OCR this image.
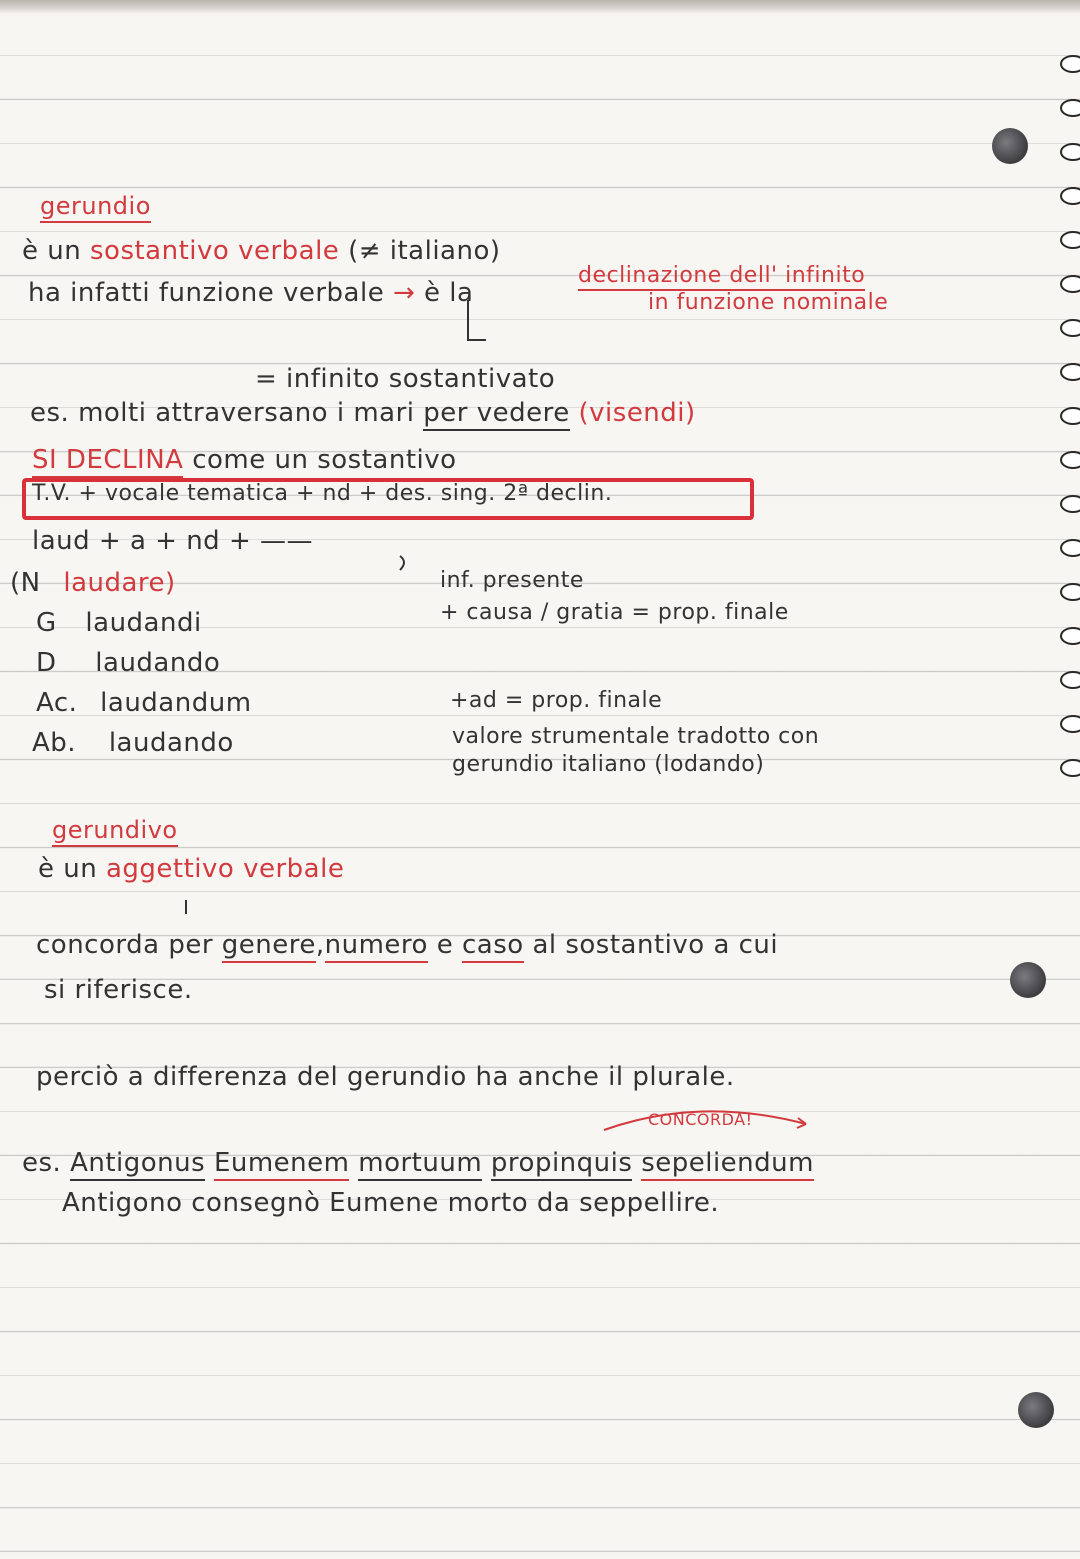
gerundio
è un sostantivo verbale (≠ italiano)
ha infatti funzione verbale → è la
declinazione dell' infinito
in funzione nominale
= infinito sostantivato
es. molti attraversano i mari per vedere (visendi)
SI DECLINA come un sostantivo
T.V. + vocale tematica + nd + des. sing. 2ª declin.
laud + a + nd + ——
(N laudare)
G laudandi
D laudando
Ac. laudandum
Ab. laudando
inf. presente
+ causa / gratia = prop. finale
+ad = prop. finale
valore strumentale tradotto con
gerundio italiano (lodando)
gerundivo
è un aggettivo verbale
concorda per genere,numero e caso al sostantivo a cui
si riferisce.
perciò a differenza del gerundio ha anche il plurale.
CONCORDA!
es. Antigonus Eumenem mortuum propinquis sepeliendum
Antigono consegnò Eumene morto da seppellire.
